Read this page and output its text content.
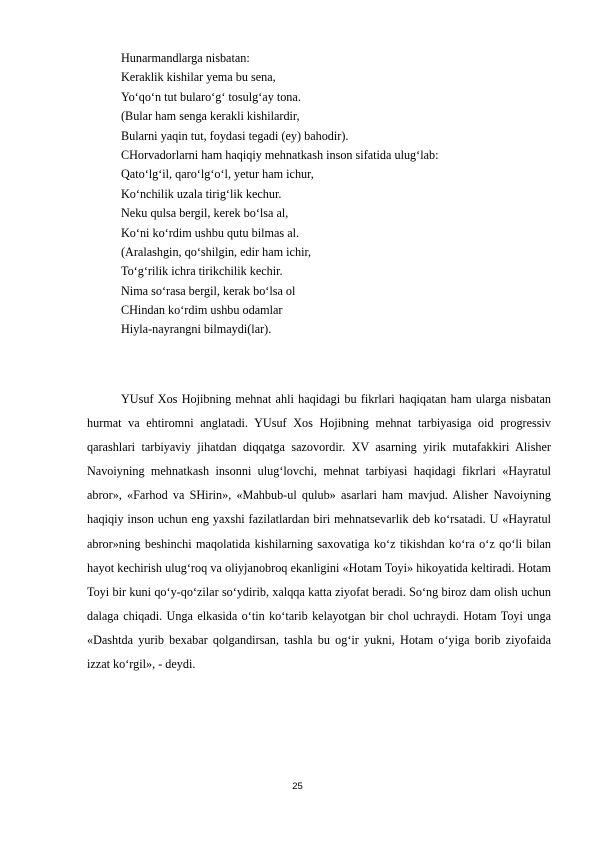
Hunarmandlarga nisbatan:
Keraklik kishilar yema bu sena,
Yo‘qo‘n tut bularo‘g‘ tosulg‘ay tona.
(Bular ham senga kerakli kishilardir,
Bularni yaqin tut, foydasi tegadi (ey) bahodir).
CHorvadorlarni ham haqiqiy mehnatkash inson sifatida ulug‘lab:
Qato‘lg‘il, qaro‘lg‘o‘l, yetur ham ichur,
Ko‘nchilik uzala tirig‘lik kechur.
Neku qulsa bergil, kerek bo‘lsa al,
Ko‘ni ko‘rdim ushbu qutu bilmas al.
(Aralashgin, qo‘shilgin, edir ham ichir,
To‘g‘rilik ichra tirikchilik kechir.
Nima so‘rasa bergil, kerak bo‘lsa ol
CHindan ko‘rdim ushbu odamlar
Hiyla-nayrangni bilmaydi(lar).

YUsuf Xos Hojibning mehnat ahli haqidagi bu fikrlari haqiqatan ham ularga nisbatan hurmat va ehtiromni anglatadi. YUsuf Xos Hojibning mehnat tarbiyasiga oid progressiv qarashlari tarbiyaviy jihatdan diqqatga sazovordir. XV asarning yirik mutafakkiri Alisher Navoiyning mehnatkash insonni ulug‘lovchi, mehnat tarbiyasi haqidagi fikrlari «Hayratul abror», «Farhod va SHirin», «Mahbub-ul qulub» asarlari ham mavjud. Alisher Navoiyning haqiqiy inson uchun eng yaxshi fazilatlardan biri mehnatsevarlik deb ko‘rsatadi. U «Hayratul abror»ning beshinchi maqolatida kishilarning saxovatiga ko‘z tikishdan ko‘ra o‘z qo‘li bilan hayot kechirish ulug‘roq va oliyjanobroq ekanligini «Hotam Toyi» hikoyatida keltiradi. Hotam Toyi bir kuni qo‘y-qo‘zilar so‘ydirib, xalqqa katta ziyofat beradi. So‘ng biroz dam olish uchun dalaga chiqadi. Unga elkasida o‘tin ko‘tarib kelayotgan bir chol uchraydi. Hotam Toyi unga «Dashtda yurib bexabar qolgandirsan, tashla bu og‘ir yukni, Hotam o‘yiga borib ziyofaida izzat ko‘rgil», - deydi.

25
